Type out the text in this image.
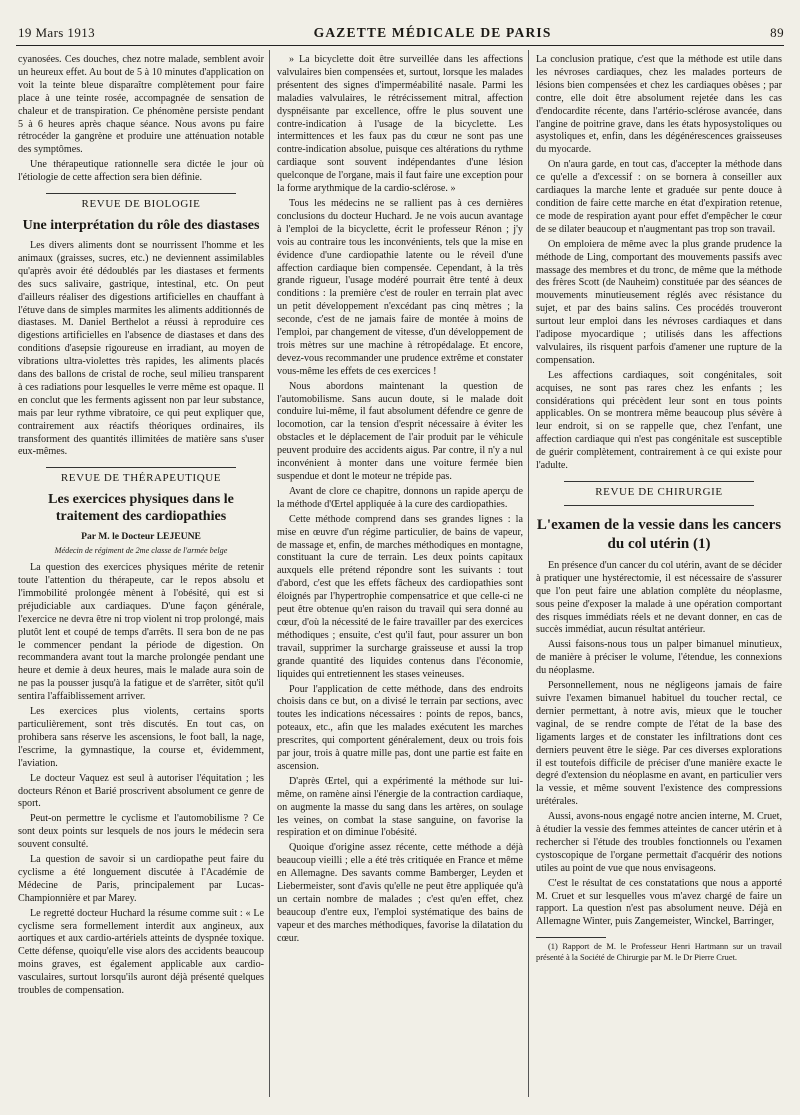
19 Mars 1913	GAZETTE MÉDICALE DE PARIS	89

cyanosées. Ces douches, chez notre malade, semblent avoir un heureux effet. Au bout de 5 à 10 minutes d'application on voit la teinte bleue disparaître complètement pour faire place à une teinte rosée, accompagnée de sensation de chaleur et de transpiration. Ce phénomène persiste pendant 5 à 6 heures après chaque séance. Nous avons pu faire rétrocéder la gangrène et produire une atténuation notable des symptômes.

Une thérapeutique rationnelle sera dictée le jour où l'étiologie de cette affection sera bien définie.

REVUE DE BIOLOGIE
Une interprétation du rôle des diastases

Les divers aliments dont se nourrissent l'homme et les animaux (graisses, sucres, etc.) ne deviennent assimilables qu'après avoir été dédoublés par les diastases et ferments des sucs salivaire, gastrique, intestinal, etc. On peut d'ailleurs réaliser des digestions artificielles en chauffant à l'étuve dans de simples marmites les aliments additionnés de diastases. M. Daniel Berthelot a réussi à reproduire ces digestions artificielles en l'absence de diastases et dans des conditions d'asepsie rigoureuse en irradiant, au moyen de vibrations ultra-violettes très rapides, les aliments placés dans des ballons de cristal de roche, seul milieu transparent à ces radiations pour lesquelles le verre même est opaque. Il en conclut que les ferments agissent non par leur substance, mais par leur rythme vibratoire, ce qui peut expliquer que, contrairement aux réactifs théoriques ordinaires, ils transforment des quantités illimitées de matière sans s'user eux-mêmes.

REVUE DE THÉRAPEUTIQUE
Les exercices physiques dans le traitement des cardiopathies
Par M. le Docteur LEJEUNE
Médecin de régiment de 2me classe de l'armée belge

La question des exercices physiques mérite de retenir toute l'attention du thérapeute, car le repos absolu et l'immobilité prolongée mènent à l'obésité, qui est si préjudiciable aux cardiaques. D'une façon générale, l'exercice ne devra être ni trop violent ni trop prolongé, mais plutôt lent et coupé de temps d'arrêts. Il sera bon de ne pas le commencer pendant la période de digestion. On recommandera avant tout la marche prolongée pendant une heure et demie à deux heures, mais le malade aura soin de ne pas la pousser jusqu'à la fatigue et de s'arrêter, sitôt qu'il sentira l'affaiblissement arriver.

Les exercices plus violents, certains sports particulièrement, sont très discutés. En tout cas, on prohibera sans réserve les ascensions, le foot ball, la nage, l'escrime, la gymnastique, la course et, évidemment, l'aviation.

Le docteur Vaquez est seul à autoriser l'équitation ; les docteurs Rénon et Barié proscrivent absolument ce genre de sport.

Peut-on permettre le cyclisme et l'automobilisme ? Ce sont deux points sur lesquels de nos jours le médecin sera souvent consulté.

La question de savoir si un cardiopathe peut faire du cyclisme a été longuement discutée à l'Académie de Médecine de Paris, principalement par Lucas-Championnière et par Marey.

Le regretté docteur Huchard la résume comme suit : « Le cyclisme sera formellement interdit aux angineux, aux aortiques et aux cardio-artériels atteints de dyspnée toxique. Cette défense, quoiqu'elle vise alors des accidents beaucoup moins graves, est également applicable aux cardio-vasculaires, surtout lorsqu'ils auront déjà présenté quelques troubles de compensation.

» La bicyclette doit être surveillée dans les affections valvulaires bien compensées et, surtout, lorsque les malades présentent des signes d'imperméabilité nasale. Parmi les maladies valvulaires, le rétrécissement mitral, affection dyspnéisante par excellence, offre le plus souvent une contre-indication à l'usage de la bicyclette. Les intermittences et les faux pas du cœur ne sont pas une contre-indication absolue, puisque ces altérations du rythme cardiaque sont souvent indépendantes d'une lésion quelconque de l'organe, mais il faut faire une exception pour la forme arythmique de la cardio-sclérose. »

Tous les médecins ne se rallient pas à ces dernières conclusions du docteur Huchard. Je ne vois aucun avantage à l'emploi de la bicyclette, écrit le professeur Rénon ; j'y vois au contraire tous les inconvénients, tels que la mise en évidence d'une cardiopathie latente ou le réveil d'une affection cardiaque bien compensée. Cependant, à la très grande rigueur, l'usage modéré pourrait être tenté à deux conditions : la première c'est de rouler en terrain plat avec un petit développement n'excédant pas cinq mètres ; la seconde, c'est de ne jamais faire de montée à moins de l'emploi, par changement de vitesse, d'un développement de trois mètres sur une machine à rétropédalage. Et encore, devez-vous recommander une prudence extrême et constater vous-même les effets de ces exercices !

Nous abordons maintenant la question de l'automobilisme. Sans aucun doute, si le malade doit conduire lui-même, il faut absolument défendre ce genre de locomotion, car la tension d'esprit nécessaire à éviter les obstacles et le déplacement de l'air produit par le véhicule peuvent produire des accidents aigus. Par contre, il n'y a nul inconvénient à monter dans une voiture fermée bien suspendue et dont le moteur ne trépide pas.

Avant de clore ce chapitre, donnons un rapide aperçu de la méthode d'Œrtel appliquée à la cure des cardiopathies.

Cette méthode comprend dans ses grandes lignes : la mise en œuvre d'un régime particulier, de bains de vapeur, de massage et, enfin, de marches méthodiques en montagne, constituant la cure de terrain. Les deux points capitaux auxquels elle prétend répondre sont les suivants : tout d'abord, c'est que les effets fâcheux des cardiopathies sont éloignés par l'hypertrophie compensatrice et que celle-ci ne peut être obtenue qu'en raison du travail qui sera donné au cœur, d'où la nécessité de le faire travailler par des exercices méthodiques ; ensuite, c'est qu'il faut, pour assurer un bon travail, supprimer la surcharge graisseuse et aussi la trop grande quantité des liquides contenus dans l'économie, liquides qui entretiennent les stases veineuses.

Pour l'application de cette méthode, dans des endroits choisis dans ce but, on a divisé le terrain par sections, avec toutes les indications nécessaires : points de repos, bancs, poteaux, etc., afin que les malades exécutent les marches prescrites, qui comportent généralement, deux ou trois fois par jour, trois à quatre mille pas, dont une partie est faite en ascension.

D'après Œrtel, qui a expérimenté la méthode sur lui-même, on ramène ainsi l'énergie de la contraction cardiaque, on augmente la masse du sang dans les artères, on soulage les veines, on combat la stase sanguine, on favorise la respiration et on diminue l'obésité.

Quoique d'origine assez récente, cette méthode a déjà beaucoup vieilli ; elle a été très critiquée en France et même en Allemagne. Des savants comme Bamberger, Leyden et Liebermeister, sont d'avis qu'elle ne peut être appliquée qu'à un certain nombre de malades ; c'est qu'en effet, chez beaucoup d'entre eux, l'emploi systématique des bains de vapeur et des marches méthodiques, favorise la dilatation du cœur.

La conclusion pratique, c'est que la méthode est utile dans les névroses cardiaques, chez les malades porteurs de lésions bien compensées et chez les cardiaques obèses ; par contre, elle doit être absolument rejetée dans les cas d'endocardite récente, dans l'artério-sclérose avancée, dans l'angine de poitrine grave, dans les états hyposystoliques ou asystoliques et, enfin, dans les dégénérescences graisseuses du myocarde.

On n'aura garde, en tout cas, d'accepter la méthode dans ce qu'elle a d'excessif : on se bornera à conseiller aux cardiaques la marche lente et graduée sur pente douce à condition de faire cette marche en état d'expiration retenue, ce mode de respiration ayant pour effet d'empêcher le cœur de se dilater beaucoup et n'augmentant pas trop son travail.

On emploiera de même avec la plus grande prudence la méthode de Ling, comportant des mouvements passifs avec massage des membres et du tronc, de même que la méthode des frères Scott (de Nauheim) constituée par des séances de mouvements minutieusement réglés avec résistance du sujet, et par des bains salins. Ces procédés trouveront surtout leur emploi dans les névroses cardiaques et dans l'adipose myocardique ; utilisés dans les affections valvulaires, ils risquent parfois d'amener une rupture de la compensation.

Les affections cardiaques, soit congénitales, soit acquises, ne sont pas rares chez les enfants ; les considérations qui précèdent leur sont en tous points applicables. On se montrera même beaucoup plus sévère à leur endroit, si on se rappelle que, chez l'enfant, une affection cardiaque qui n'est pas congénitale est susceptible de guérir complètement, contrairement à ce qui existe pour l'adulte.

REVUE DE CHIRURGIE
L'examen de la vessie dans les cancers du col utérin (1)

En présence d'un cancer du col utérin, avant de se décider à pratiquer une hystérectomie, il est nécessaire de s'assurer que l'on peut faire une ablation complète du néoplasme, sous peine d'exposer la malade à une opération comportant des risques immédiats réels et ne devant donner, en cas de succès immédiat, aucun résultat antérieur.

Aussi faisons-nous tous un palper bimanuel minutieux, de manière à préciser le volume, l'étendue, les connexions du néoplasme.

Personnellement, nous ne négligeons jamais de faire suivre l'examen bimanuel habituel du toucher rectal, ce dernier permettant, à notre avis, mieux que le toucher vaginal, de se rendre compte de l'état de la base des ligaments larges et de constater les infiltrations dont ces derniers peuvent être le siège. Par ces diverses explorations il est toutefois difficile de préciser d'une manière exacte le degré d'extension du néoplasme en avant, en particulier vers la vessie, et même souvent l'existence des compressions urétérales.

Aussi, avons-nous engagé notre ancien interne, M. Cruet, à étudier la vessie des femmes atteintes de cancer utérin et à rechercher si l'étude des troubles fonctionnels ou l'examen cystoscopique de l'organe permettait d'acquérir des notions utiles au point de vue que nous envisageons.

C'est le résultat de ces constatations que nous a apporté M. Cruet et sur lesquelles vous m'avez chargé de faire un rapport. La question n'est pas absolument neuve. Déjà en Allemagne Winter, puis Zangemeister, Winckel, Barringer,

(1) Rapport de M. le Professeur Henri Hartmann sur un travail présenté à la Société de Chirurgie par M. le Dr Pierre Cruet.
